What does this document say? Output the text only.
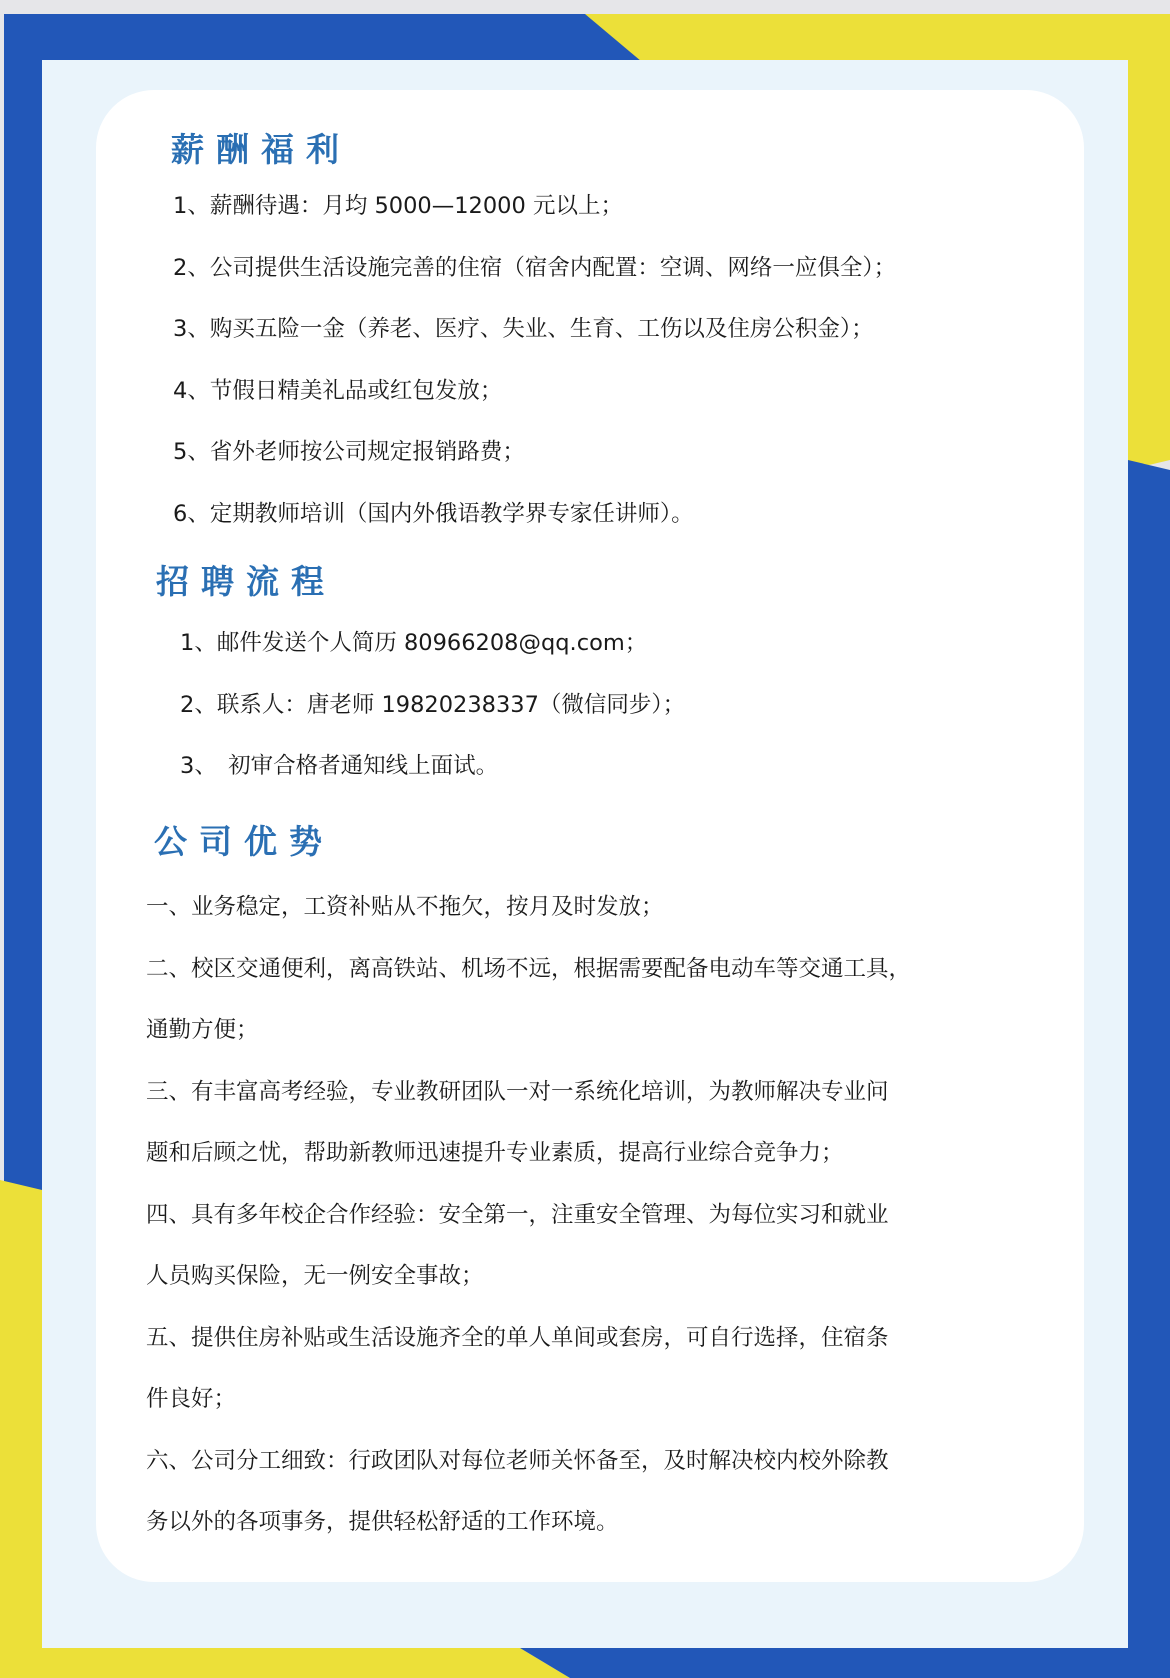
薪酬福利
1、薪酬待遇：月均 5000—12000 元以上；
2、公司提供生活设施完善的住宿（宿舍内配置：空调、网络一应俱全）；
3、购买五险一金（养老、医疗、失业、生育、工伤以及住房公积金）；
4、节假日精美礼品或红包发放；
5、省外老师按公司规定报销路费；
6、定期教师培训（国内外俄语教学界专家任讲师）。
招聘流程
1、邮件发送个人简历 80966208@qq.com；
2、联系人：唐老师 19820238337（微信同步）；
3、　初审合格者通知线上面试。
公司优势
一、业务稳定，工资补贴从不拖欠，按月及时发放；
二、校区交通便利，离高铁站、机场不远，根据需要配备电动车等交通工具，
通勤方便；
三、有丰富高考经验，专业教研团队一对一系统化培训，为教师解决专业问
题和后顾之忧，帮助新教师迅速提升专业素质，提高行业综合竞争力；
四、具有多年校企合作经验：安全第一，注重安全管理、为每位实习和就业
人员购买保险，无一例安全事故；
五、提供住房补贴或生活设施齐全的单人单间或套房，可自行选择，住宿条
件良好；
六、公司分工细致：行政团队对每位老师关怀备至，及时解决校内校外除教
务以外的各项事务，提供轻松舒适的工作环境。
